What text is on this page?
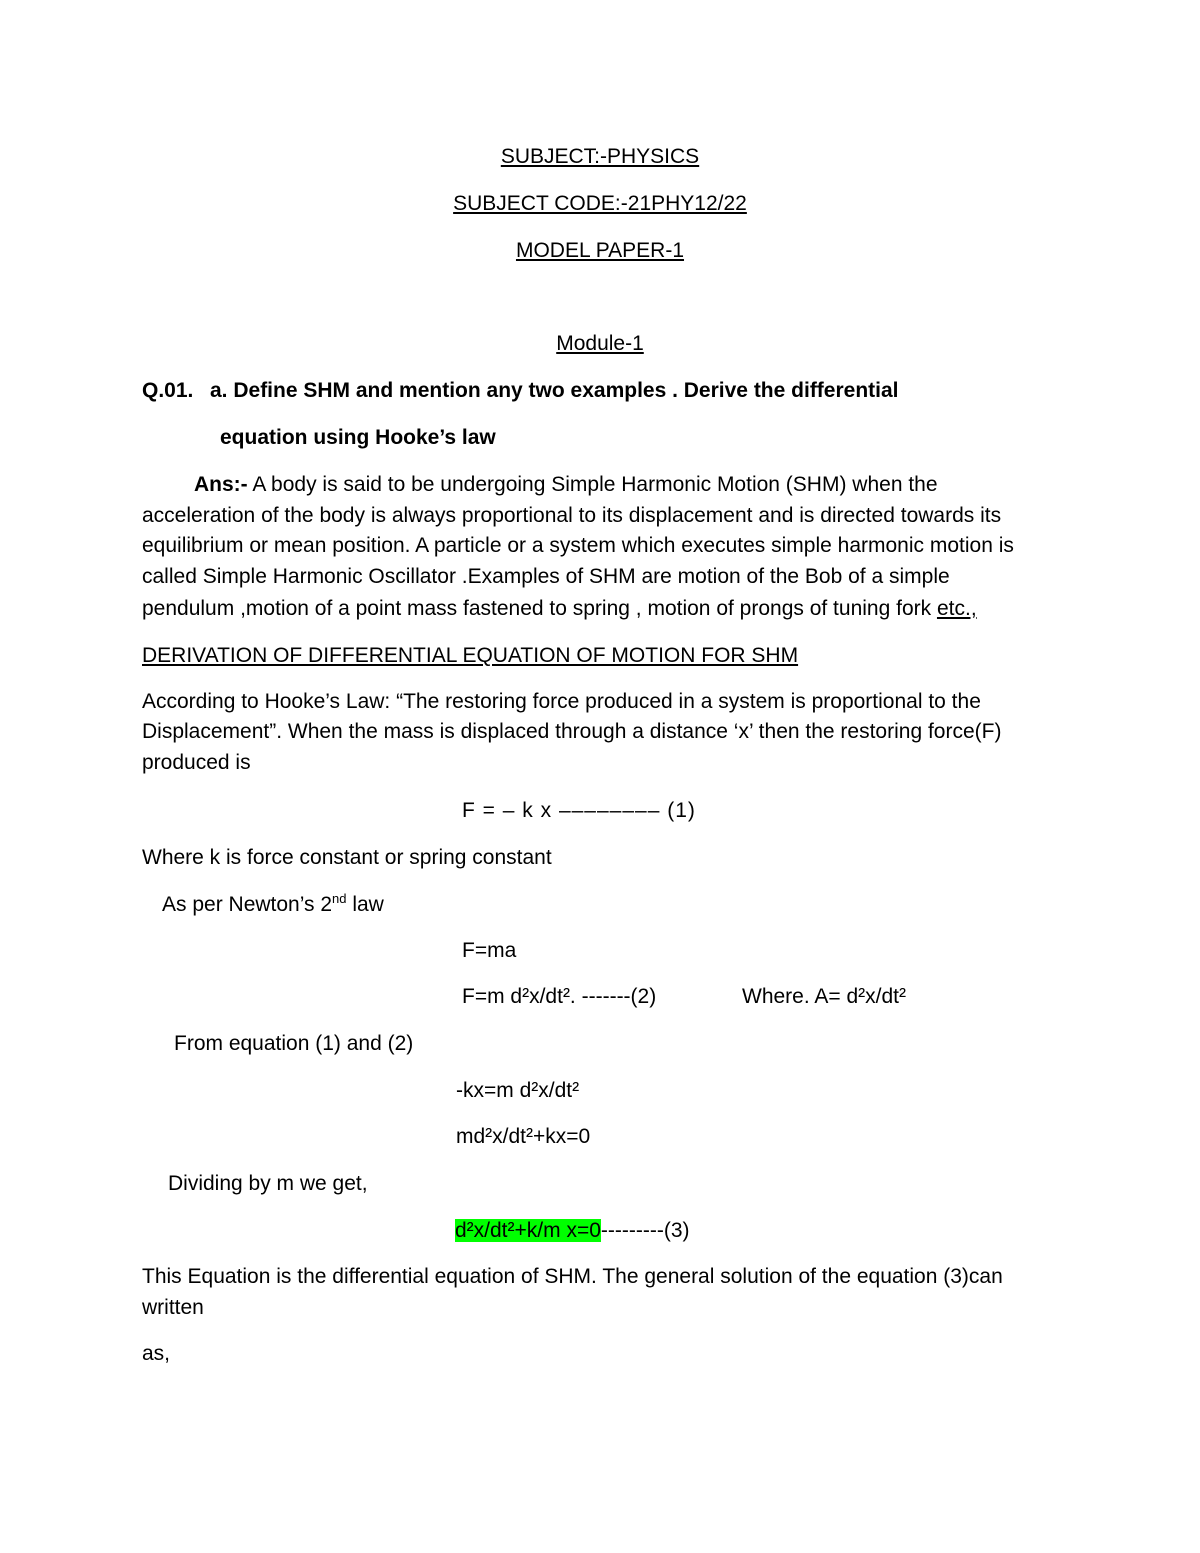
SUBJECT:-PHYSICS
SUBJECT CODE:-21PHY12/22
MODEL PAPER-1
Module-1
Q.01. a. Define SHM and mention any two examples . Derive the differential
equation using Hooke’s law
Ans:- A body is said to be undergoing Simple Harmonic Motion (SHM) when the
acceleration of the body is always proportional to its displacement and is directed towards its
equilibrium or mean position. A particle or a system which executes simple harmonic motion is
called Simple Harmonic Oscillator .Examples of SHM are motion of the Bob of a simple
pendulum ,motion of a point mass fastened to spring , motion of prongs of tuning fork etc.,
DERIVATION OF DIFFERENTIAL EQUATION OF MOTION FOR SHM
According to Hooke’s Law: “The restoring force produced in a system is proportional to the
Displacement”. When the mass is displaced through a distance ‘x’ then the restoring force(F)
produced is
F = – k x –––––––– (1)
Where k is force constant or spring constant
As per Newton’s 2nd law
F=ma
F=m d²x/dt². -------(2)	Where. A= d²x/dt²
From equation (1) and (2)
-kx=m d²x/dt²
md²x/dt²+kx=0
Dividing by m we get,
d²x/dt²+k/m x=0---------(3)
This Equation is the differential equation of SHM. The general solution of the equation (3)can
written
as,
